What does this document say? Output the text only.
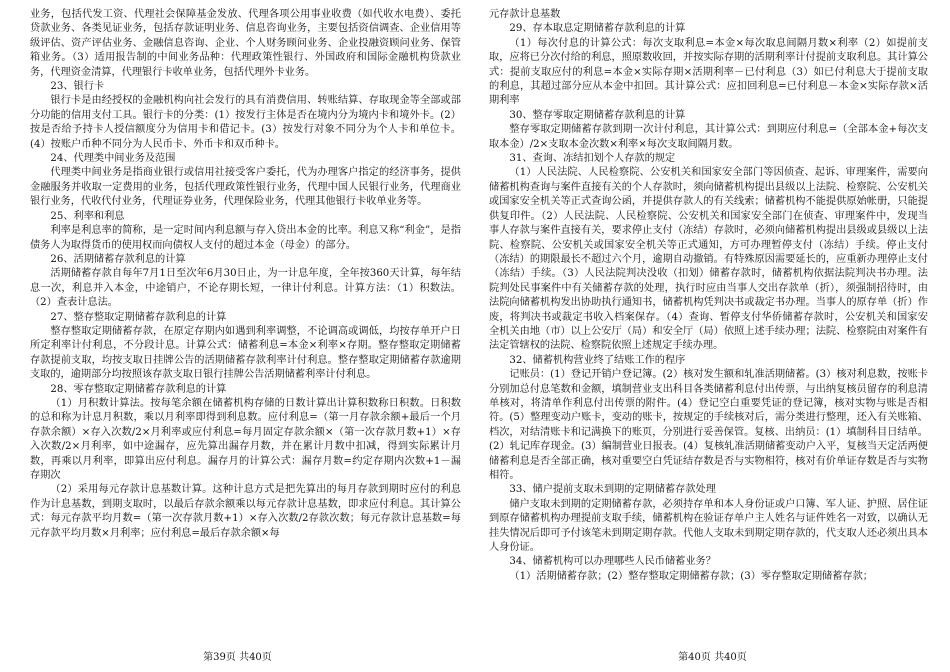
业务，包括代发工资、代理社会保障基金发放、代理各项公用事业收费（如代收水电费）、委托贷款业务、各类见证业务，包括存款证明业务、信息咨询业务，主要包括资信调查、企业信用等级评估、资产评估业务、金融信息咨询、企业、个人财务顾问业务、企业投融资顾问业务、保管箱业务。（3）适用报告制的中间业务品种：代理政策性银行、外国政府和国际金融机构贷款业务，代理资金清算，代理银行卡收单业务，包括代理外卡业务。

23、银行卡

银行卡是由经授权的金融机构向社会发行的具有消费信用、转账结算、存取现金等全部或部分功能的信用支付工具。银行卡的分类：(1）按发行主体是否在境内分为境内卡和境外卡。(2）按是否给予持卡人授信额度分为信用卡和借记卡。(3）按发行对象不同分为个人卡和单位卡。(4）按账户币种不同分为人民币卡、外币卡和双币种卡。

24、代理类中间业务及范围

代理类中间业务是指商业银行或信用社接受客户委托，代为办理客户指定的经济事务，提供金融服务并收取一定费用的业务，包括代理政策性银行业务，代理中国人民银行业务，代理商业银行业务，代收代付业务，代理证券业务，代理保险业务，代理其他银行卡收单业务等。

25、利率和利息

利率是利息率的简称，是一定时间内利息额与存入贷出本金的比率。利息又称“利金”，是指债务人为取得货币的使用权而向债权人支付的超过本金（母金）的部分。

26、活期储蓄存款利息的计算

活期储蓄存款自每年7月1日至次年6月30日止，为一计息年度，全年按360天计算，每年结息一次，利息并入本金，中途销户，不论存期长短，一律计付利息。计算方法：（1）积数法。（2）查表计息法。

27、整存整取定期储蓄存款利息的计算

整存整取定期储蓄存款，在原定存期内如遇到利率调整，不论调高或调低，均按存单开户日所定利率计付利息，不分段计息。计算公式：储蓄利息=本金×利率×存期。整存整取定期储蓄存款提前支取，均按支取日挂牌公告的活期储蓄存款利率计付利息。整存整取定期储蓄存款逾期支取的，逾期部分均按照该存款支取日银行挂牌公告活期储蓄利率计付利息。

28、零存整取定期储蓄存款利息的计算

（1）月积数计算法。按每笔余额在储蓄机构存储的日数计算出计算积数称日积数。日积数的总和称为计息月积数，乘以月利率即得到利息数。应付利息=（第一月存款余额+最后一个月存款余额）×存入次数/2×月利率或应付利息=每月固定存款余额×（第一次存款月数+1）×存入次数/2×月利率，如中途漏存，应先算出漏存月数，并在累计月数中扣减，得到实际累计月数，再乘以月利率，即算出应付利息。漏存月的计算公式：漏存月数=约定存期内次数+1－漏存期次

（2）采用每元存款计息基数计算。这种计息方式是把先算出的每月存款到期时应付的利息作为计息基数，到期支取时，以最后存款余额乘以每元存款计息基数，即求应付利息。其计算公式：每元存款平均月数=（第一次存款月数+1）×存入次数/2存款次数；每元存款计息基数=每元存款平均月数×月利率；应付利息=最后存款余额×每

第39页 共40页

元存款计息基数

29、存本取息定期储蓄存款利息的计算

（1）每次付息的计算公式：每次支取利息=本金×每次取息间隔月数×利率（2）如提前支取，应将已分次付给的利息，照原数收回，并按实际存期的活期利率计付提前支取利息。其计算公式：提前支取应付的利息=本金×实际存期×活期利率－已付利息（3）如已付利息大于提前支取的利息，其超过部分应从本金中扣回。其计算公式：应扣回利息=已付利息－本金×实际存款×活期利率

30、整存零取定期储蓄存款利息的计算

整存零取定期储蓄存款到期一次计付利息，其计算公式：到期应付利息=（全部本金+每次支取本金）/2×支取本金次数×利率×每次支取间隔月数。

31、查询、冻结扣划个人存款的规定

（1）人民法院、人民检察院、公安机关和国家安全部门等因侦查、起诉、审理案件，需要向储蓄机构查询与案件直接有关的个人存款时，须向储蓄机构提出县级以上法院、检察院、公安机关或国家安全机关等正式查询公函，并提供存款人的有关线索；储蓄机构不能提供原始帐册，只能提供复印件。（2）人民法院、人民检察院、公安机关和国家安全部门在侦查、审理案件中，发现当事人存款与案件直接有关，要求停止支付（冻结）存款时，必须向储蓄机构提出县级或县级以上法院、检察院、公安机关或国家安全机关等正式通知，方可办理暂停支付（冻结）手续。停止支付（冻结）的期限最长不超过六个月，逾期自动撤销。有特殊原因需要延长的，应重新办理停止支付（冻结）手续。（3）人民法院判决没收（扣划）储蓄存款时，储蓄机构依据法院判决书办理。法院判处民事案件中有关储蓄存款的处理，执行时应由当事人交出存款单（折），须强制招待时，由法院向储蓄机构发出协助执行通知书，储蓄机构凭判决书或裁定书办理。当事人的原存单（折）作废，将判决书或裁定书收入档案保存。（4）查询、暂停支付华侨储蓄存款时，公安机关和国家安全机关由地（市）以上公安厅（局）和安全厅（局）依照上述手续办理；法院、检察院由对案件有法定管辖权的法院、检察院依照上述规定手续办理。

32、储蓄机构营业终了结账工作的程序

记账员：(1）登记开销户登记簿。(2）核对发生额和轧准活期储蓄。(3）核对利息数，按账卡分别加总付息笔数和金额，填制营业支出科目各类储蓄利息付出传票，与出纳复核员留存的利息清单核对，将清单作利息付出传票的附件。(4）登记空白重要凭证的登记簿，核对实物与账是否相符。(5）整理变动户账卡，变动的账卡，按规定的手续核对后，需分类进行整理，还入有关账箱、档次，对结清账卡和记满换下的账页，分别进行妥善保管。复核、出纳员：(1）填制科目日结单。(2）轧记库存现金。(3）编制营业日报表。(4）复核轧准活期储蓄变动户入平，复核当天定活两便储蓄利息是否全部正确，核对重要空白凭证结存数是否与实物相符，核对有价单证存数是否与实物相符。

33、储户提前支取未到期的定期储蓄存款处理

储户支取未到期的定期储蓄存款，必须持存单和本人身份证或户口簿、军人证、护照、居住证到原存储蓄机构办理提前支取手续，储蓄机构在验证存单户主人姓名与证件姓名一对致，以确认无挂失情况后即可予付该笔未到期定期存款。代他人支取未到期定期存款的，代支取人还必须出具本人身份证。

34、储蓄机构可以办理哪些人民币储蓄业务？

（1）活期储蓄存款；(2）整存整取定期储蓄存款；(3）零存整取定期储蓄存款；

第40页 共40页
